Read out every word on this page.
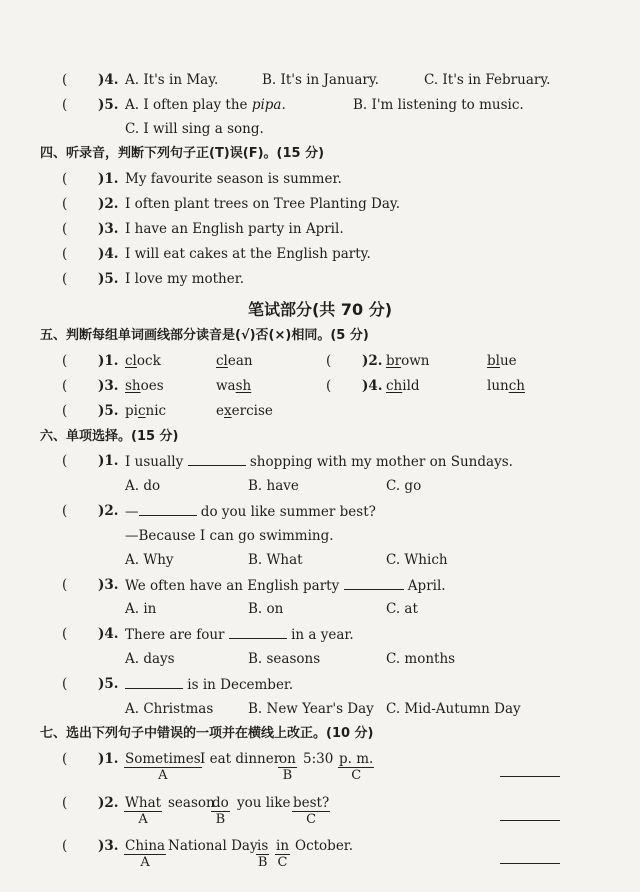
( )4. A. It's in May.	B. It's in January.	C. It's in February.
( )5. A. I often play the pipa.	B. I'm listening to music.
C. I will sing a song.
四、听录音，判断下列句子正(T)误(F)。(15 分)
( )1. My favourite season is summer.
( )2. I often plant trees on Tree Planting Day.
( )3. I have an English party in April.
( )4. I will eat cakes at the English party.
( )5. I love my mother.
笔试部分(共 70 分)
五、判断每组单词画线部分读音是(√)否(×)相同。(5 分)
( )1. clock	clean	( )2. brown	blue
( )3. shoes	wash	( )4. child	lunch
( )5. picnic	exercise
六、单项选择。(15 分)
( )1. I usually	shopping with my mother on Sundays.
A. do	B. have	C. go
( )2. —	do you like summer best?
—Because I can go swimming.
A. Why	B. What	C. Which
( )3. We often have an English party	April.
A. in	B. on	C. at
( )4. There are four	in a year.
A. days	B. seasons	C. months
( )5.	is in December.
A. Christmas	B. New Year's Day C. Mid-Autumn Day
七、选出下列句子中错误的一项并在横线上改正。(10 分)
( )1. Sometimes
A
I eat dinner
on
B
5:30 p. m.
C
( )2. What
A
season
do
B
you like best?
C
( )3. China
A
National Day is
B
in
C
October.
